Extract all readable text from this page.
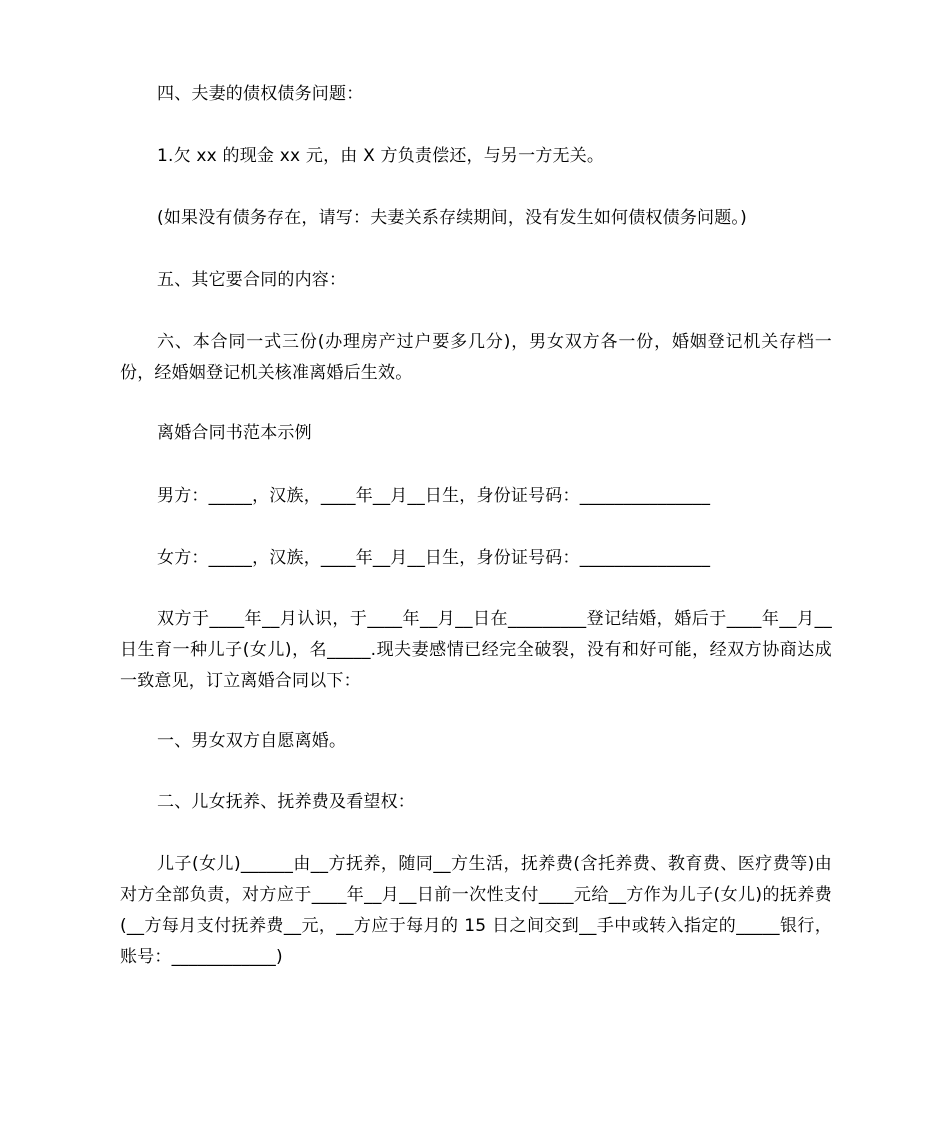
四、夫妻的债权债务问题：

1.欠 xx 的现金 xx 元，由 X 方负责偿还，与另一方无关。

(如果没有债务存在，请写：夫妻关系存续期间，没有发生如何债权债务问题。)

五、其它要合同的内容：

六、本合同一式三份(办理房产过户要多几分)，男女双方各一份，婚姻登记机关存档一份，经婚姻登记机关核准离婚后生效。

离婚合同书范本示例

男方：_____，汉族，____年__月__日生，身份证号码：_______________

女方：_____，汉族，____年__月__日生，身份证号码：_______________

双方于____年__月认识，于____年__月__日在_________登记结婚，婚后于____年__月__日生育一种儿子(女儿)，名_____.现夫妻感情已经完全破裂，没有和好可能，经双方协商达成一致意见，订立离婚合同以下：

一、男女双方自愿离婚。

二、儿女抚养、抚养费及看望权：

儿子(女儿)______由__方抚养，随同__方生活，抚养费(含托养费、教育费、医疗费等)由对方全部负责，对方应于____年__月__日前一次性支付____元给__方作为儿子(女儿)的抚养费(__方每月支付抚养费__元，__方应于每月的 15 日之间交到__手中或转入指定的_____银行，账号：____________)
